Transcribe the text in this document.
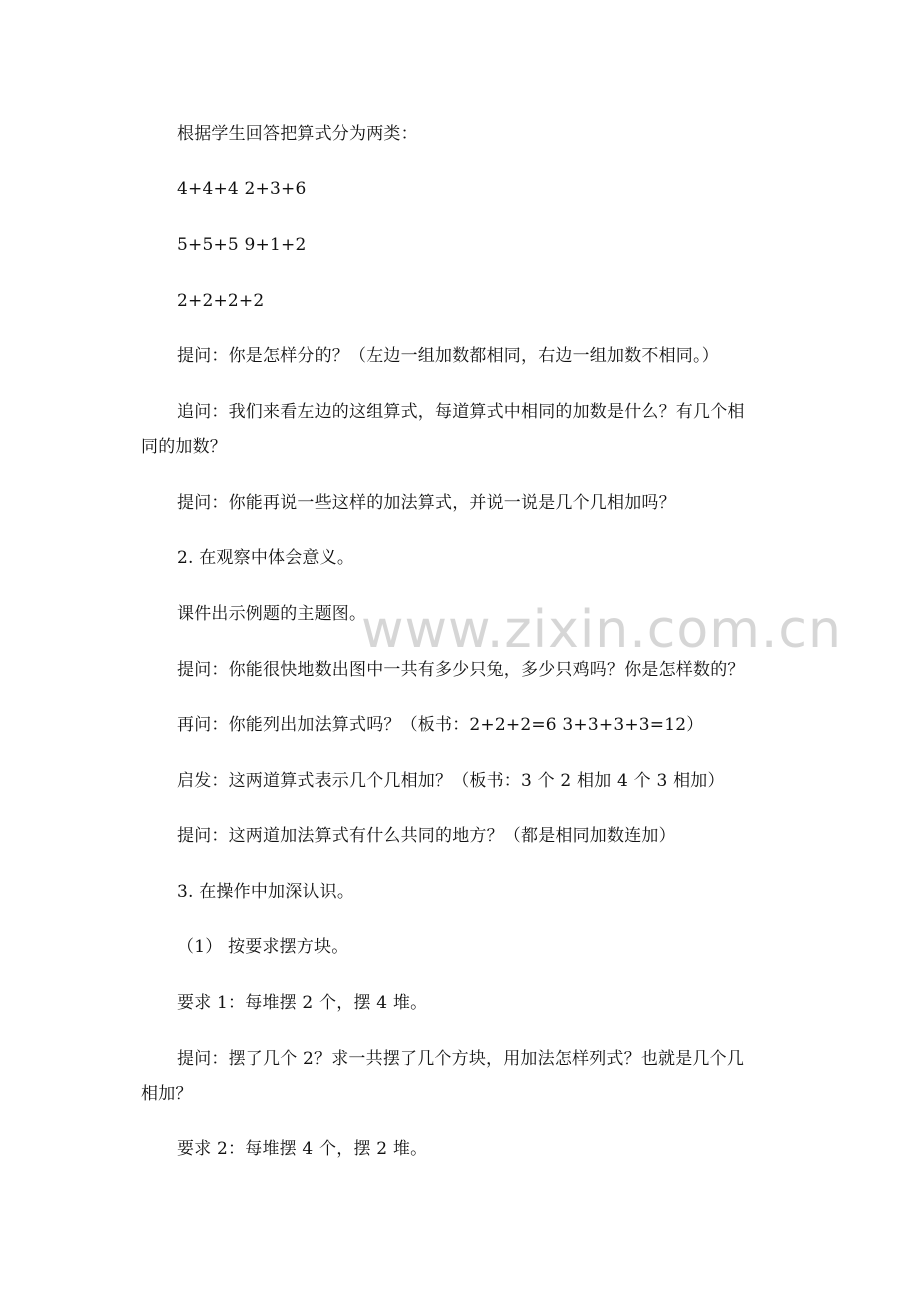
根据学生回答把算式分为两类：
4+4+4 2+3+6
5+5+5 9+1+2
2+2+2+2
提问：你是怎样分的？（左边一组加数都相同，右边一组加数不相同。）
追问：我们来看左边的这组算式，每道算式中相同的加数是什么？有几个相
同的加数？
提问：你能再说一些这样的加法算式，并说一说是几个几相加吗？
2. 在观察中体会意义。
课件出示例题的主题图。
提问：你能很快地数出图中一共有多少只兔，多少只鸡吗？你是怎样数的？
再问：你能列出加法算式吗？（板书：2+2+2=6 3+3+3+3=12）
启发：这两道算式表示几个几相加？（板书：3 个 2 相加 4 个 3 相加）
提问：这两道加法算式有什么共同的地方？（都是相同加数连加）
3. 在操作中加深认识。
（1） 按要求摆方块。
要求 1：每堆摆 2 个，摆 4 堆。
提问：摆了几个 2？求一共摆了几个方块，用加法怎样列式？也就是几个几
相加？
要求 2：每堆摆 4 个，摆 2 堆。
www.zixin.com.cn
